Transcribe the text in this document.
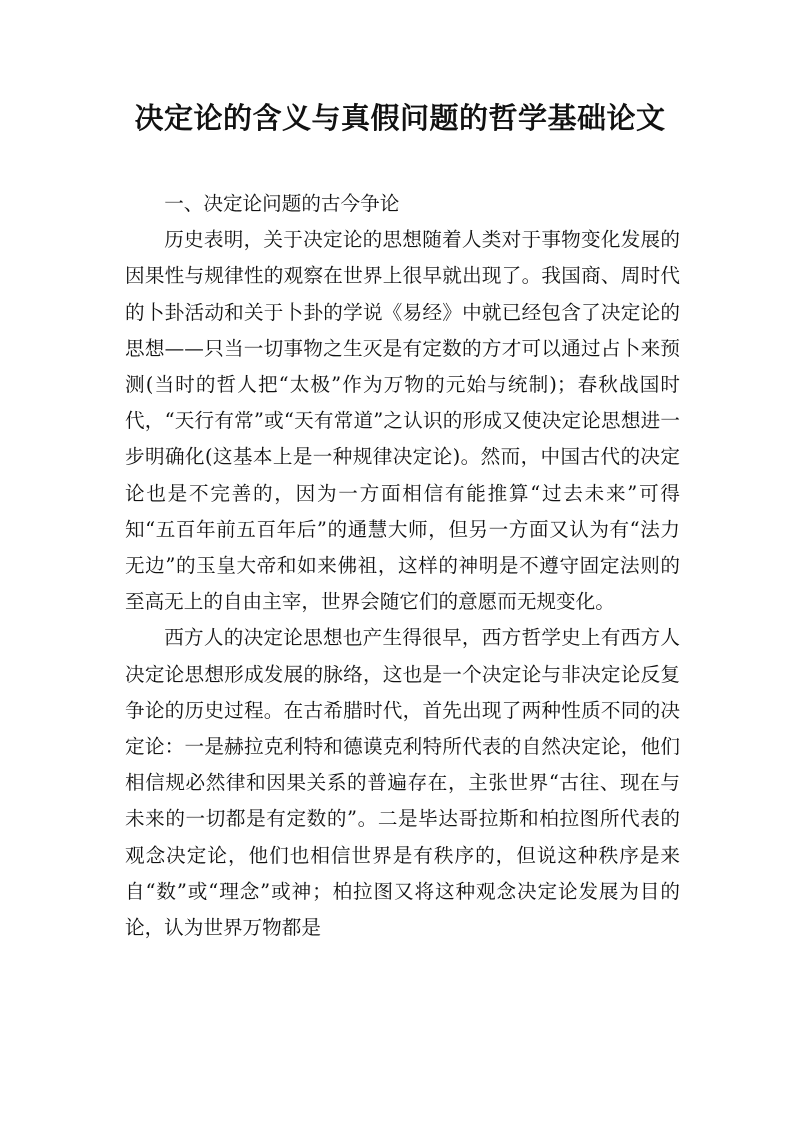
决定论的含义与真假问题的哲学基础论文
一、决定论问题的古今争论

历史表明，关于决定论的思想随着人类对于事物变化发展的因果性与规律性的观察在世界上很早就出现了。我国商、周时代的卜卦活动和关于卜卦的学说《易经》中就已经包含了决定论的思想——只当一切事物之生灭是有定数的方才可以通过占卜来预测(当时的哲人把“太极”作为万物的元始与统制)；春秋战国时代，“天行有常”或“天有常道”之认识的形成又使决定论思想进一步明确化(这基本上是一种规律决定论)。然而，中国古代的决定论也是不完善的，因为一方面相信有能推算“过去未来”可得知“五百年前五百年后”的通慧大师，但另一方面又认为有“法力无边”的玉皇大帝和如来佛祖，这样的神明是不遵守固定法则的至高无上的自由主宰，世界会随它们的意愿而无规变化。

西方人的决定论思想也产生得很早，西方哲学史上有西方人决定论思想形成发展的脉络，这也是一个决定论与非决定论反复争论的历史过程。在古希腊时代，首先出现了两种性质不同的决定论：一是赫拉克利特和德谟克利特所代表的自然决定论，他们相信规必然律和因果关系的普遍存在，主张世界“古往、现在与未来的一切都是有定数的”。二是毕达哥拉斯和柏拉图所代表的观念决定论，他们也相信世界是有秩序的，但说这种秩序是来自“数”或“理念”或神；柏拉图又将这种观念决定论发展为目的论，认为世界万物都是
